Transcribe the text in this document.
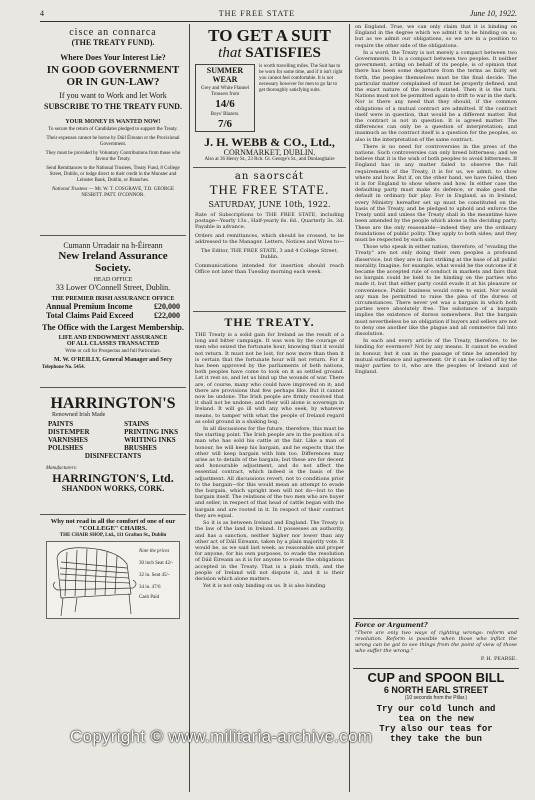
4	THE FREE STATE	June 10, 1922.
cisce an connarca
(THE TREATY FUND).
Where Does Your Interest Lie?
IN GOOD GOVERNMENT
OR IN GUN-LAW?
If you want to Work and let Work
SUBSCRIBE TO THE TREATY FUND.
YOUR MONEY IS WANTED NOW!
To secure the return of Candidates pledged to support the Treaty.
Their expenses cannot be borne by Dáil Éireann or the Provisional Government.
They must be provided by Voluntary Contributions from those who favour the Treaty.
Send Remittances to the National Trustees, Treaty Fund, 8 College Street, Dublin, or lodge direct to their credit in the Munster and Leinster Bank, Dublin, or Branches.
National Trustees — Mr. W. T. COSGRAVE, T.D. GEORGE NESBITT. PATT. O'CONNOR.
Cumann Urradair na h-Éireann
New Ireland Assurance Society.
HEAD OFFICE
33 Lower O'Connell Street, Dublin.
THE PREMIER IRISH ASSURANCE OFFICE
Annual Premium Income	£20,000
Total Claims Paid Exceed	£22,000
The Office with the Largest Membership.
LIFE AND ENDOWMENT ASSURANCE
OF ALL CLASSES TRANSACTED
Write or call for Prospectus and full Particulars.
M. W. O'REILLY, General Manager and Secy
Telephone No. 5454.
HARRINGTON'S
Renowned Irish Made
PAINTS
DISTEMPER
VARNISHES
POLISHES
STAINS
PRINTING INKS
WRITING INKS
BRUSHES
DISINFECTANTS
Manufacturers:
HARRINGTON'S, Ltd.
SHANDON WORKS, CORK.
Why not read in all the comfort of one of our "COLLEGE" CHAIRS.
THE CHAIR SHOP, Ltd., 111 Grafton St., Dublin
Note the prices
30 inch Seat 42/-
32 in. Seat 45/-
34 in. 47/6
Cash Paid
TO GET A SUIT
that SATISFIES
SUMMER WEAR
Grey and White Flannel Trousers from
14/6
Boys' Blazers.
7/6
is worth travelling miles. The Suit has to be worn for some time, and if it isn't right you cannot feel comfortable. It is not necessary however for men to go far to get thoroughly satisfying suits.
J. H. WEBB & CO., Ltd.,
CORNMARKET, DUBLIN.
Also at 36 Henry St., 23 Rch. Gt. George's St., and Dunlaoghaire
an saorscát
THE FREE STATE.
SATURDAY, JUNE 10th, 1922.
Rate of Subscriptions to THE FREE STATE, including postage—Yearly 13s., Half-yearly 6s. 6d., Quarterly 3s. 3d. Payable in advance.
Orders and remittances, which should be crossed, to be addressed to the Manager. Letters, Notices and Wires to—
The Editor, THE FREE STATE, 3 and 4 College Street, Dublin.
Communications intended for insertion should reach Office not later than Tuesday morning each week.
THE TREATY.

THE Treaty is a solid gain for Ireland as the result of a long and bitter campaign. It was won by the courage of men who seized the fortunate hour, knowing that it would not return. It must not be lost, for now more than then it is certain that the fortunate hour will not return. For it has been approved by the parliaments of both nations, both peoples have come to look on it as settled ground. Let it rest so, and let us bind up the wounds of war. There are, of course, many who could have improved on it; and there are provisions that few perhaps like. But it cannot now be undone. The Irish people are firmly resolved that it shall not be undone; and their will alone is sovereign in Ireland. It will go ill with any who seek, by whatever means, to tamper with what the people of Ireland regard as solid ground in a shaking bog.

In all discussions for the future, therefore, this must be the starting point. The Irish people are in the position of a man who has sold his cattle at the fair. Like a man of honour, he will keep his bargain, and he expects that the other will keep bargain with him too. Differences may arise as to details of the bargain; but these are for decent and honourable adjustment, and do not affect the essential contract, which indeed is the basis of the adjustment. All discussions revert, not to conditions prior to the bargain—for this would mean an attempt to evade the bargain, which upright men will not do—but to the bargain itself. The relations of the two men who are buyer and seller, in respect of that head of cattle began with the bargain and are rooted in it. In respect of their contract they are equal.

So it is as between Ireland and England. The Treaty is the law of the land in Ireland. It possesses an authority, and has a sanction, neither higher nor lower than any other act of Dáil Éireann, taken by a plain majority vote. It would be, as we said last week, as reasonable and proper for anyone, for his own purposes, to evade the resolution of Dáil Éireann as it is for anyone to evade the obligations accepted in the Treaty. That is a plain truth, and the people of Ireland will not dispute it, and it is their decision which alone matters.

Yet it is not only binding on us. It is also binding

on England. True, we can only claim that it is binding on England in the degree which we admit it to be binding on us; but as we admit our obligations, so we are in a position to require the other side of the obligations.

In a word, the Treaty is not merely a compact between two Governments. It is a compact between two peoples. It neither government, acting on behalf of its people, is of opinion that there has been some departure from the terms as fairly set forth, the peoples themselves must be the final decide. The particular matter complained of must be properly defined, and the exact nature of the breach stated. Then it is the turn. Nations must not be permitted again to drift to war in the dark. Nor is there any need that they should, if the common obligations of a mutual contract are admitted. If the contract itself were in question, that would be a different matter. But the contract is not in question. It is agreed matter. The differences can only be a question of interpretation; and inasmuch as the contract itself is a question for the peoples, so also is the interpretation of the same contract.

There is no need for controversies in the press of the nations. Such controversies can only breed bitterness; and we believe that it is the wish of both peoples to avoid bitterness. If England has in any matter failed to observe the full requirements of the Treaty, it is for us, we admit, to show where and how. But if, on the other hand, we have failed, then it is for England to show where and how. In either case the defaulting party must make its defence, or make good the default in ordinary fair play. For in England, as in Ireland, every Ministry hereafter set up must be constituted on the basis of the Treaty, and be pledged to uphold and enforce the Treaty until and unless the Treaty shall in the meantime have been amended by the people which alone is the deciding party. These are the only reasonable—indeed they are the ordinary foundations of public polity. They apply to both sides; and they must be respected by each side.

Those who speak in either nation, therefore, of "evading the Treaty" are not only doing their own peoples a profound disservice, but they are in fact striking at the base of all public morality. Imagine, for example, what would be the outcome if it became the accepted rule of conduct in markets and fairs that no bargain could be held to be binding on the parties who made it, but that either party could evade it at his pleasure or convenience. Public business would come to exist. Nor would any man be permitted to raise the plea of the duress of circumstances. There never yet was a bargain in which both parties were absolutely free. The substance of a bargain implies the existence of duress somewhere. But the bargain must nevertheless be an obligation if buyers and sellers are not to deny one another like the plague and all commerce fall into dissolution.

In each and every article of the Treaty, therefore, to be binding for evermore? Not by any means. It cannot be evaded in honour, but it can in the passage of time be amended by mutual sufferance and agreement. Or it can be called off by the major parties to it, who are the peoples of Ireland and of England.

Force or Argument?
"There are only two ways of righting wrongs: reform and revolution. Reform is possible when those who inflict the wrong can be got to see things from the point of view of those who suffer the wrong."
P. H. PEARSE.
CUP and SPOON BILL
6 NORTH EARL STREET
(10 seconds from the Pillar.)
Try our cold lunch and
tea on the new
Try also our teas for
they take the bun
Copyright © www.militaria-archive.com
